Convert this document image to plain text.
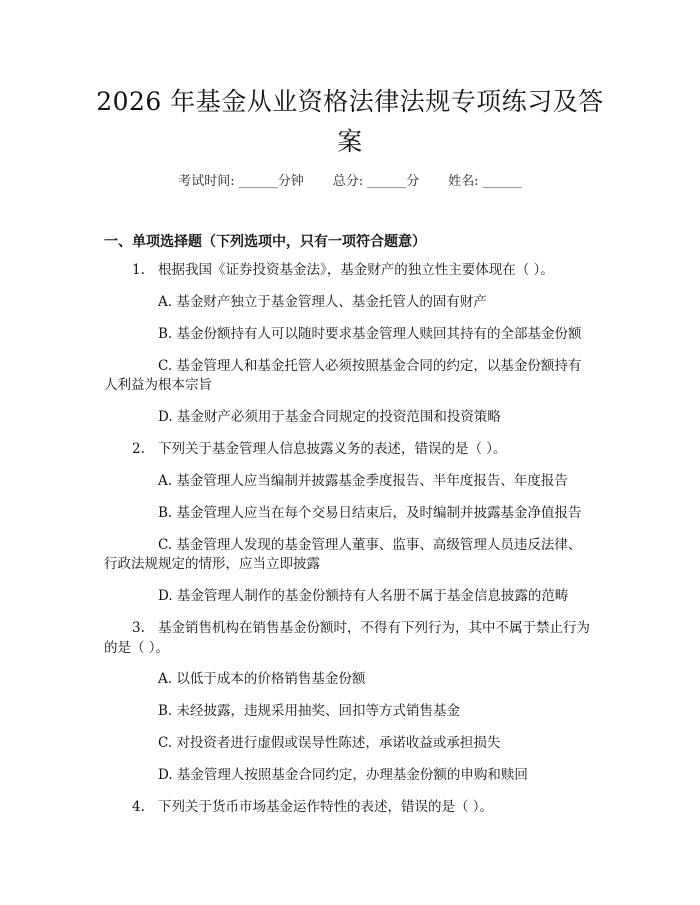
2026 年基金从业资格法律法规专项练习及答
案
考试时间: ______分钟 总分: ______分 姓名: ______
一、单项选择题（下列选项中，只有一项符合题意）
1. 根据我国《证券投资基金法》，基金财产的独立性主要体现在（ ）。
A. 基金财产独立于基金管理人、基金托管人的固有财产
B. 基金份额持有人可以随时要求基金管理人赎回其持有的全部基金份额
C. 基金管理人和基金托管人必须按照基金合同的约定，以基金份额持有
人利益为根本宗旨
D. 基金财产必须用于基金合同规定的投资范围和投资策略
2. 下列关于基金管理人信息披露义务的表述，错误的是（ ）。
A. 基金管理人应当编制并披露基金季度报告、半年度报告、年度报告
B. 基金管理人应当在每个交易日结束后，及时编制并披露基金净值报告
C. 基金管理人发现的基金管理人董事、监事、高级管理人员违反法律、
行政法规规定的情形，应当立即披露
D. 基金管理人制作的基金份额持有人名册不属于基金信息披露的范畴
3. 基金销售机构在销售基金份额时，不得有下列行为，其中不属于禁止行为
的是（ ）。
A. 以低于成本的价格销售基金份额
B. 未经披露，违规采用抽奖、回扣等方式销售基金
C. 对投资者进行虚假或误导性陈述，承诺收益或承担损失
D. 基金管理人按照基金合同约定，办理基金份额的申购和赎回
4. 下列关于货币市场基金运作特性的表述，错误的是（ ）。
